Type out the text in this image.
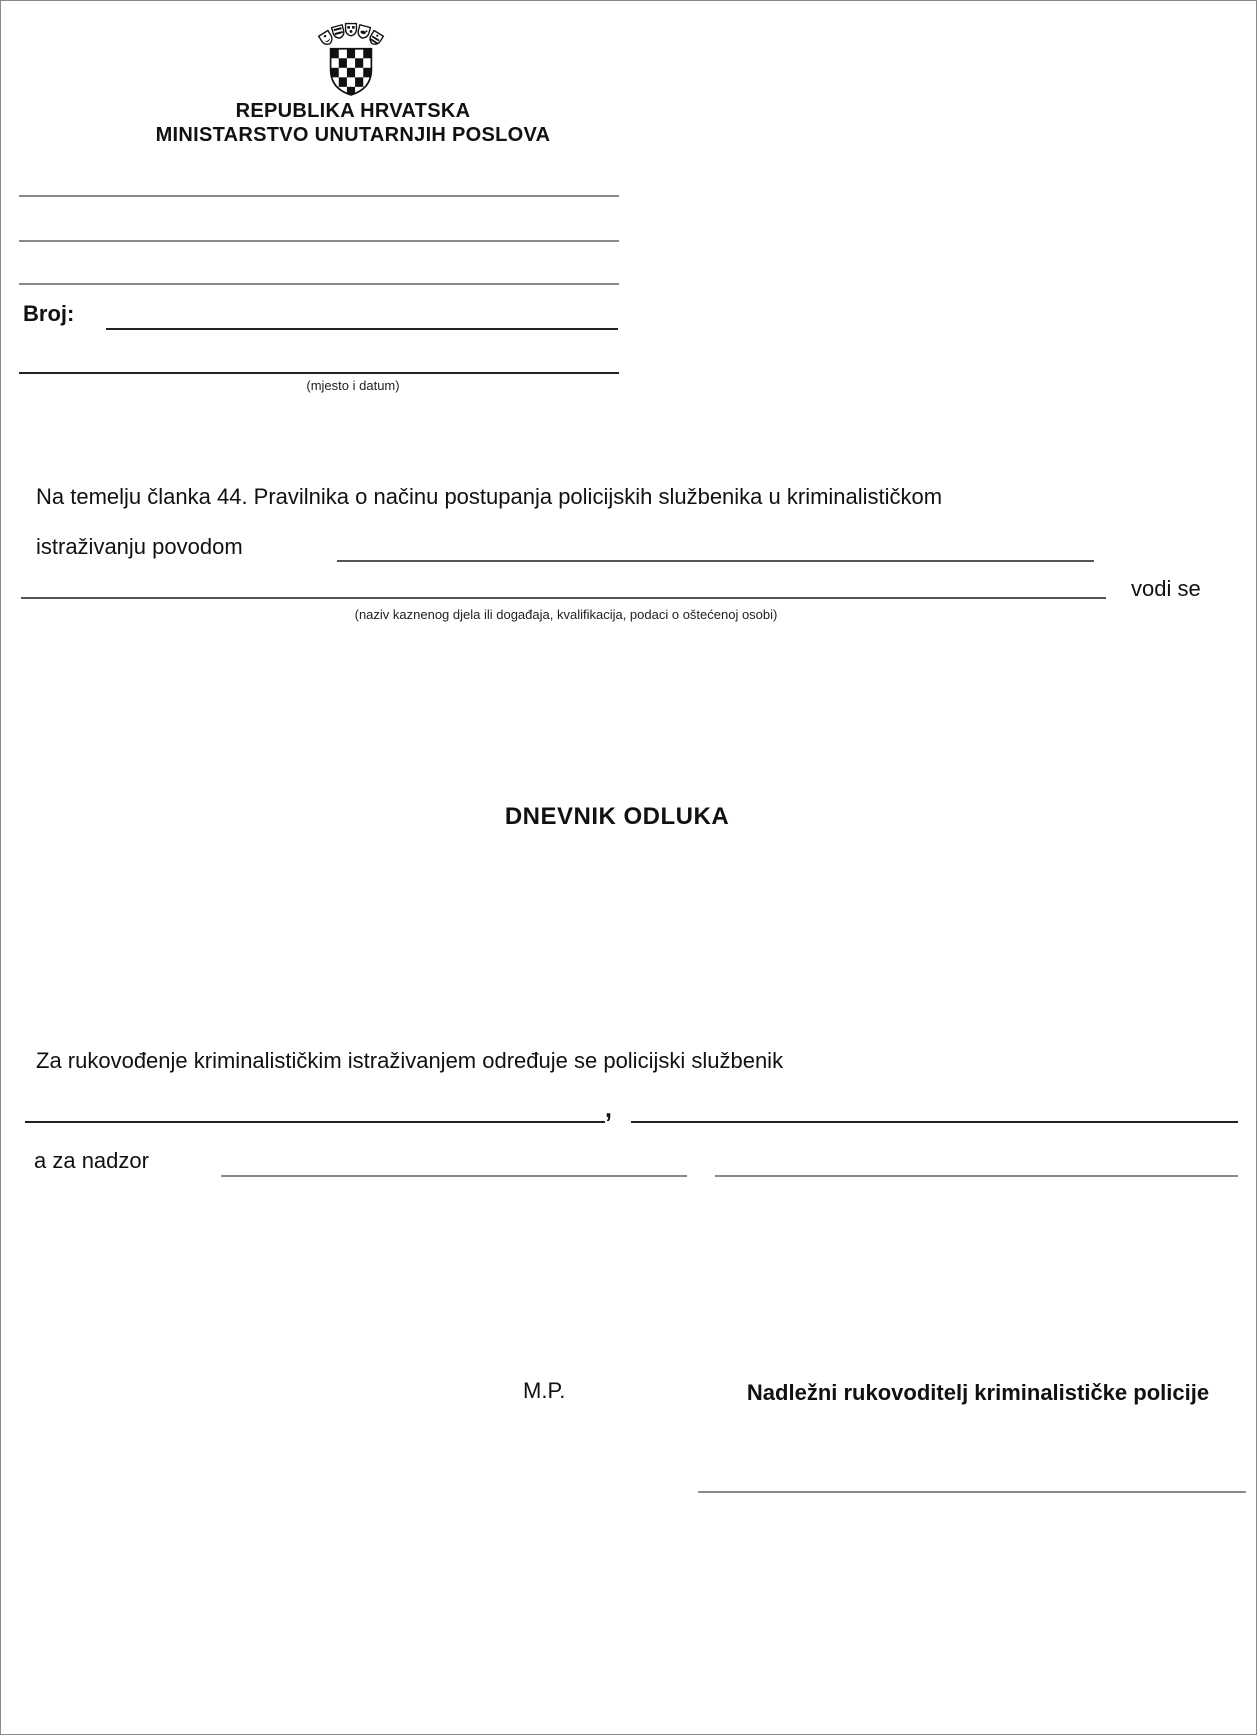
REPUBLIKA HRVATSKA
MINISTARSTVO UNUTARNJIH POSLOVA
Broj:
(mjesto i datum)
Na temelju članka 44. Pravilnika o načinu postupanja policijskih službenika u kriminalističkom
istraživanju povodom
vodi se
(naziv kaznenog djela ili događaja, kvalifikacija, podaci o oštećenoj osobi)
DNEVNIK ODLUKA
Za rukovođenje kriminalističkim istraživanjem određuje se policijski službenik
,
a za nadzor
M.P.	Nadležni rukovoditelj kriminalističke policije
